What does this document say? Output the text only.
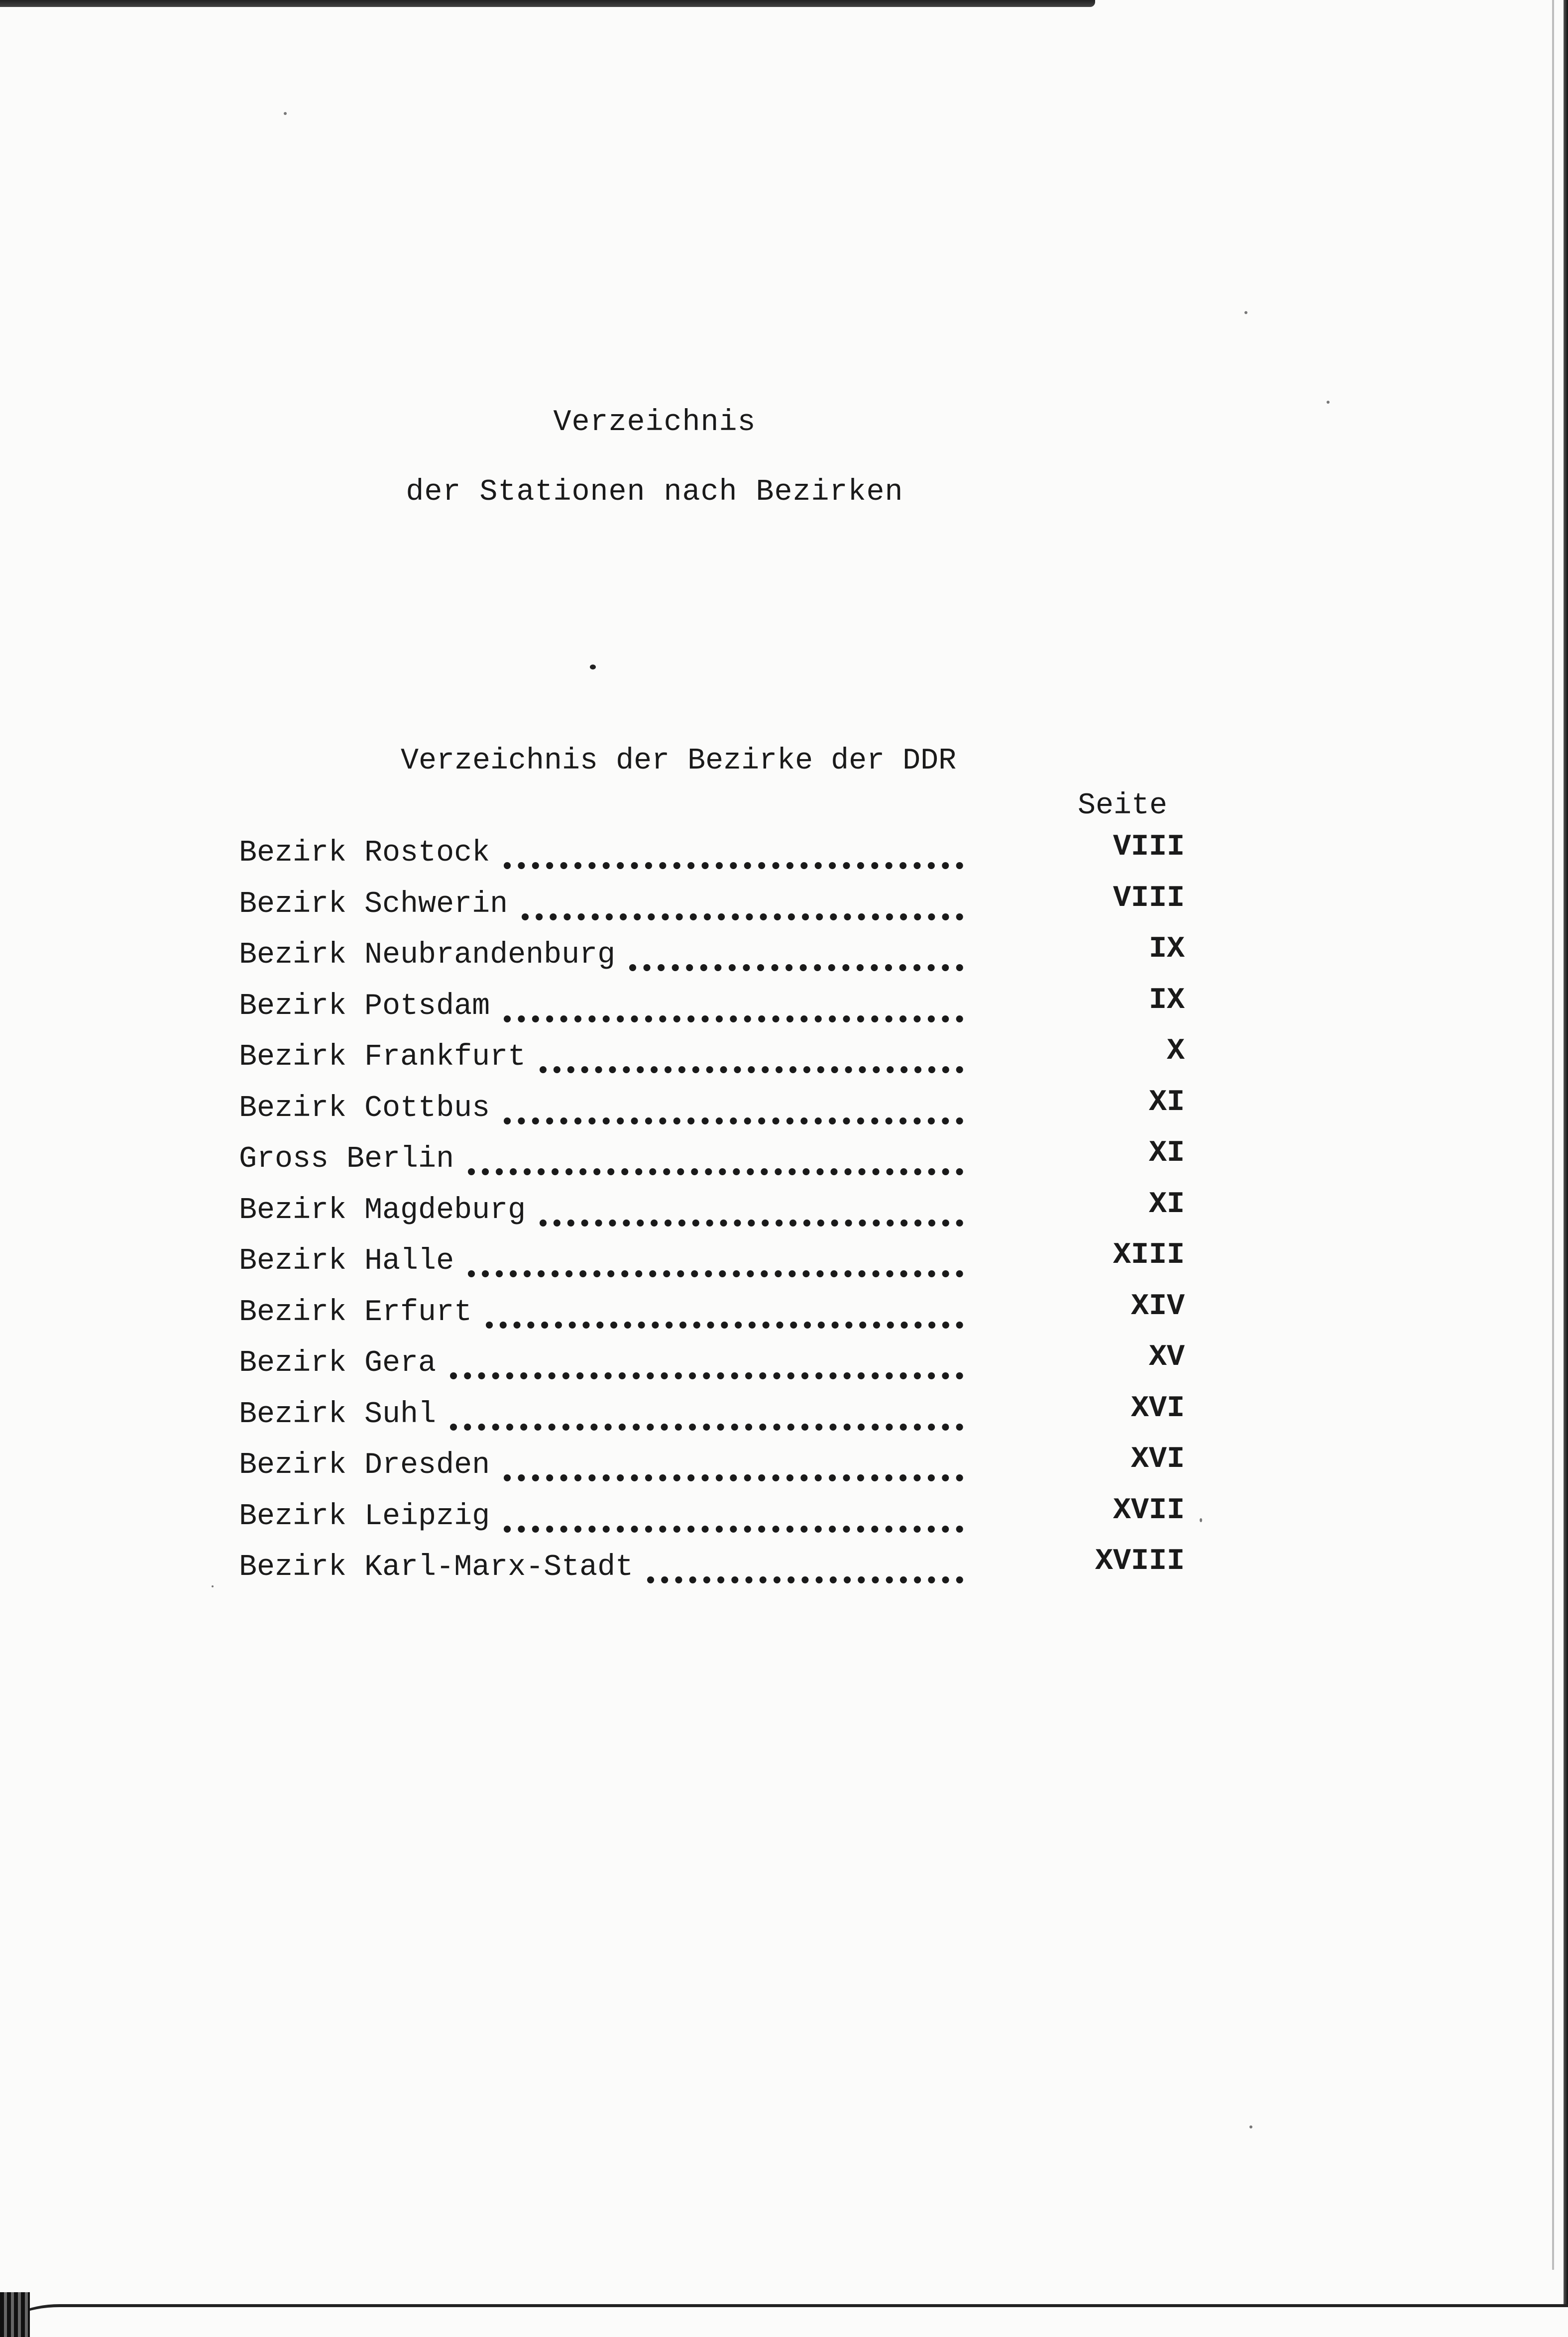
Verzeichnis
der Stationen nach Bezirken
Verzeichnis der Bezirke der DDR
Seite
Bezirk Rostock	VIII
Bezirk Schwerin	VIII
Bezirk Neubrandenburg	IX
Bezirk Potsdam	IX
Bezirk Frankfurt	X
Bezirk Cottbus	XI
Gross Berlin	XI
Bezirk Magdeburg	XI
Bezirk Halle	XIII
Bezirk Erfurt	XIV
Bezirk Gera	XV
Bezirk Suhl	XVI
Bezirk Dresden	XVI
Bezirk Leipzig	XVII
Bezirk Karl-Marx-Stadt	XVIII
